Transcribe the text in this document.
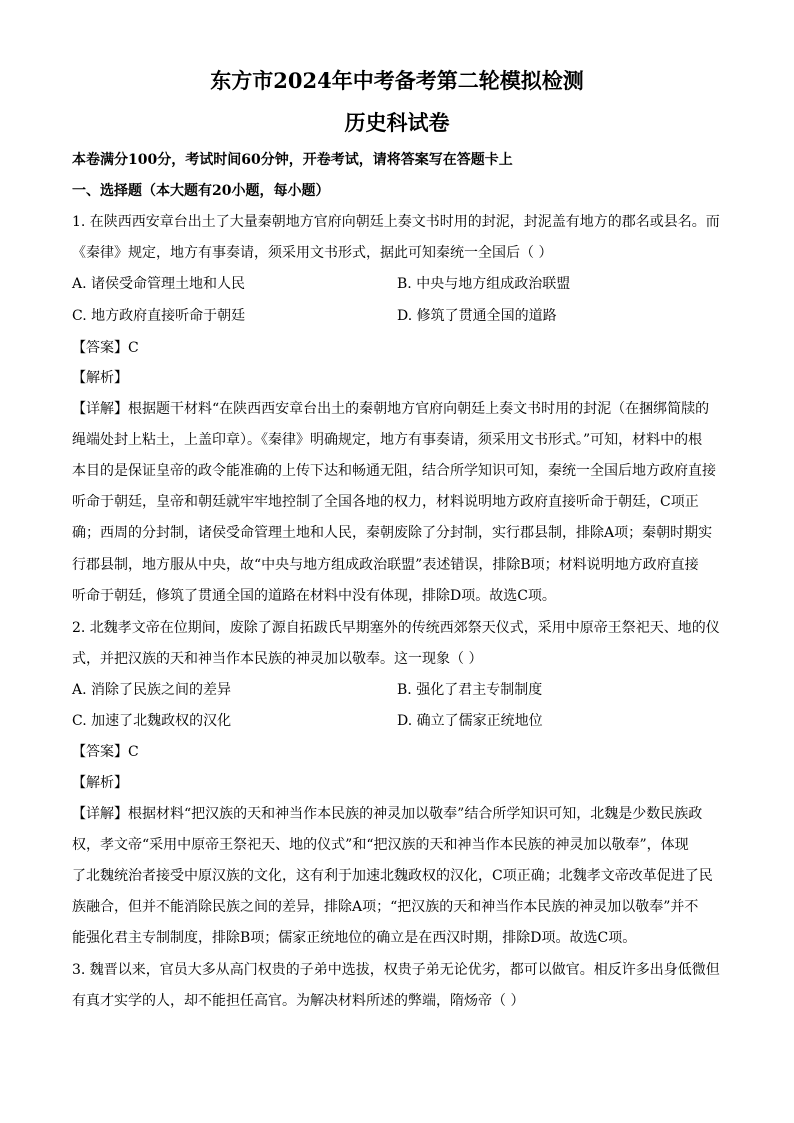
东方市2024年中考备考第二轮模拟检测
历史科试卷
本卷满分100分，考试时间60分钟，开卷考试，请将答案写在答题卡上
一、选择题（本大题有20小题，每小题）
1. 在陕西西安章台出土了大量秦朝地方官府向朝廷上奏文书时用的封泥，封泥盖有地方的郡名或县名。而
《秦律》规定，地方有事奏请，须采用文书形式，据此可知秦统一全国后（ ）
A. 诸侯受命管理土地和人民	B. 中央与地方组成政治联盟
C. 地方政府直接听命于朝廷	D. 修筑了贯通全国的道路
【答案】C
【解析】
【详解】根据题干材料“在陕西西安章台出土的秦朝地方官府向朝廷上奏文书时用的封泥（在捆绑简牍的
绳端处封上粘土，上盖印章）。《秦律》明确规定，地方有事奏请，须采用文书形式。”可知，材料中的根
本目的是保证皇帝的政令能准确的上传下达和畅通无阻，结合所学知识可知，秦统一全国后地方政府直接
听命于朝廷，皇帝和朝廷就牢牢地控制了全国各地的权力，材料说明地方政府直接听命于朝廷，C项正
确；西周的分封制，诸侯受命管理土地和人民，秦朝废除了分封制，实行郡县制，排除A项；秦朝时期实
行郡县制，地方服从中央，故“中央与地方组成政治联盟”表述错误，排除B项；材料说明地方政府直接
听命于朝廷，修筑了贯通全国的道路在材料中没有体现，排除D项。故选C项。
2. 北魏孝文帝在位期间，废除了源自拓跋氏早期塞外的传统西郊祭天仪式，采用中原帝王祭祀天、地的仪
式，并把汉族的天和神当作本民族的神灵加以敬奉。这一现象（ ）
A. 消除了民族之间的差异	B. 强化了君主专制制度
C. 加速了北魏政权的汉化	D. 确立了儒家正统地位
【答案】C
【解析】
【详解】根据材料“把汉族的天和神当作本民族的神灵加以敬奉”结合所学知识可知，北魏是少数民族政
权，孝文帝“采用中原帝王祭祀天、地的仪式”和“把汉族的天和神当作本民族的神灵加以敬奉”，体现
了北魏统治者接受中原汉族的文化，这有利于加速北魏政权的汉化，C项正确；北魏孝文帝改革促进了民
族融合，但并不能消除民族之间的差异，排除A项；“把汉族的天和神当作本民族的神灵加以敬奉”并不
能强化君主专制制度，排除B项；儒家正统地位的确立是在西汉时期，排除D项。故选C项。
3. 魏晋以来，官员大多从高门权贵的子弟中选拔，权贵子弟无论优劣，都可以做官。相反许多出身低微但
有真才实学的人，却不能担任高官。为解决材料所述的弊端，隋炀帝（ ）
